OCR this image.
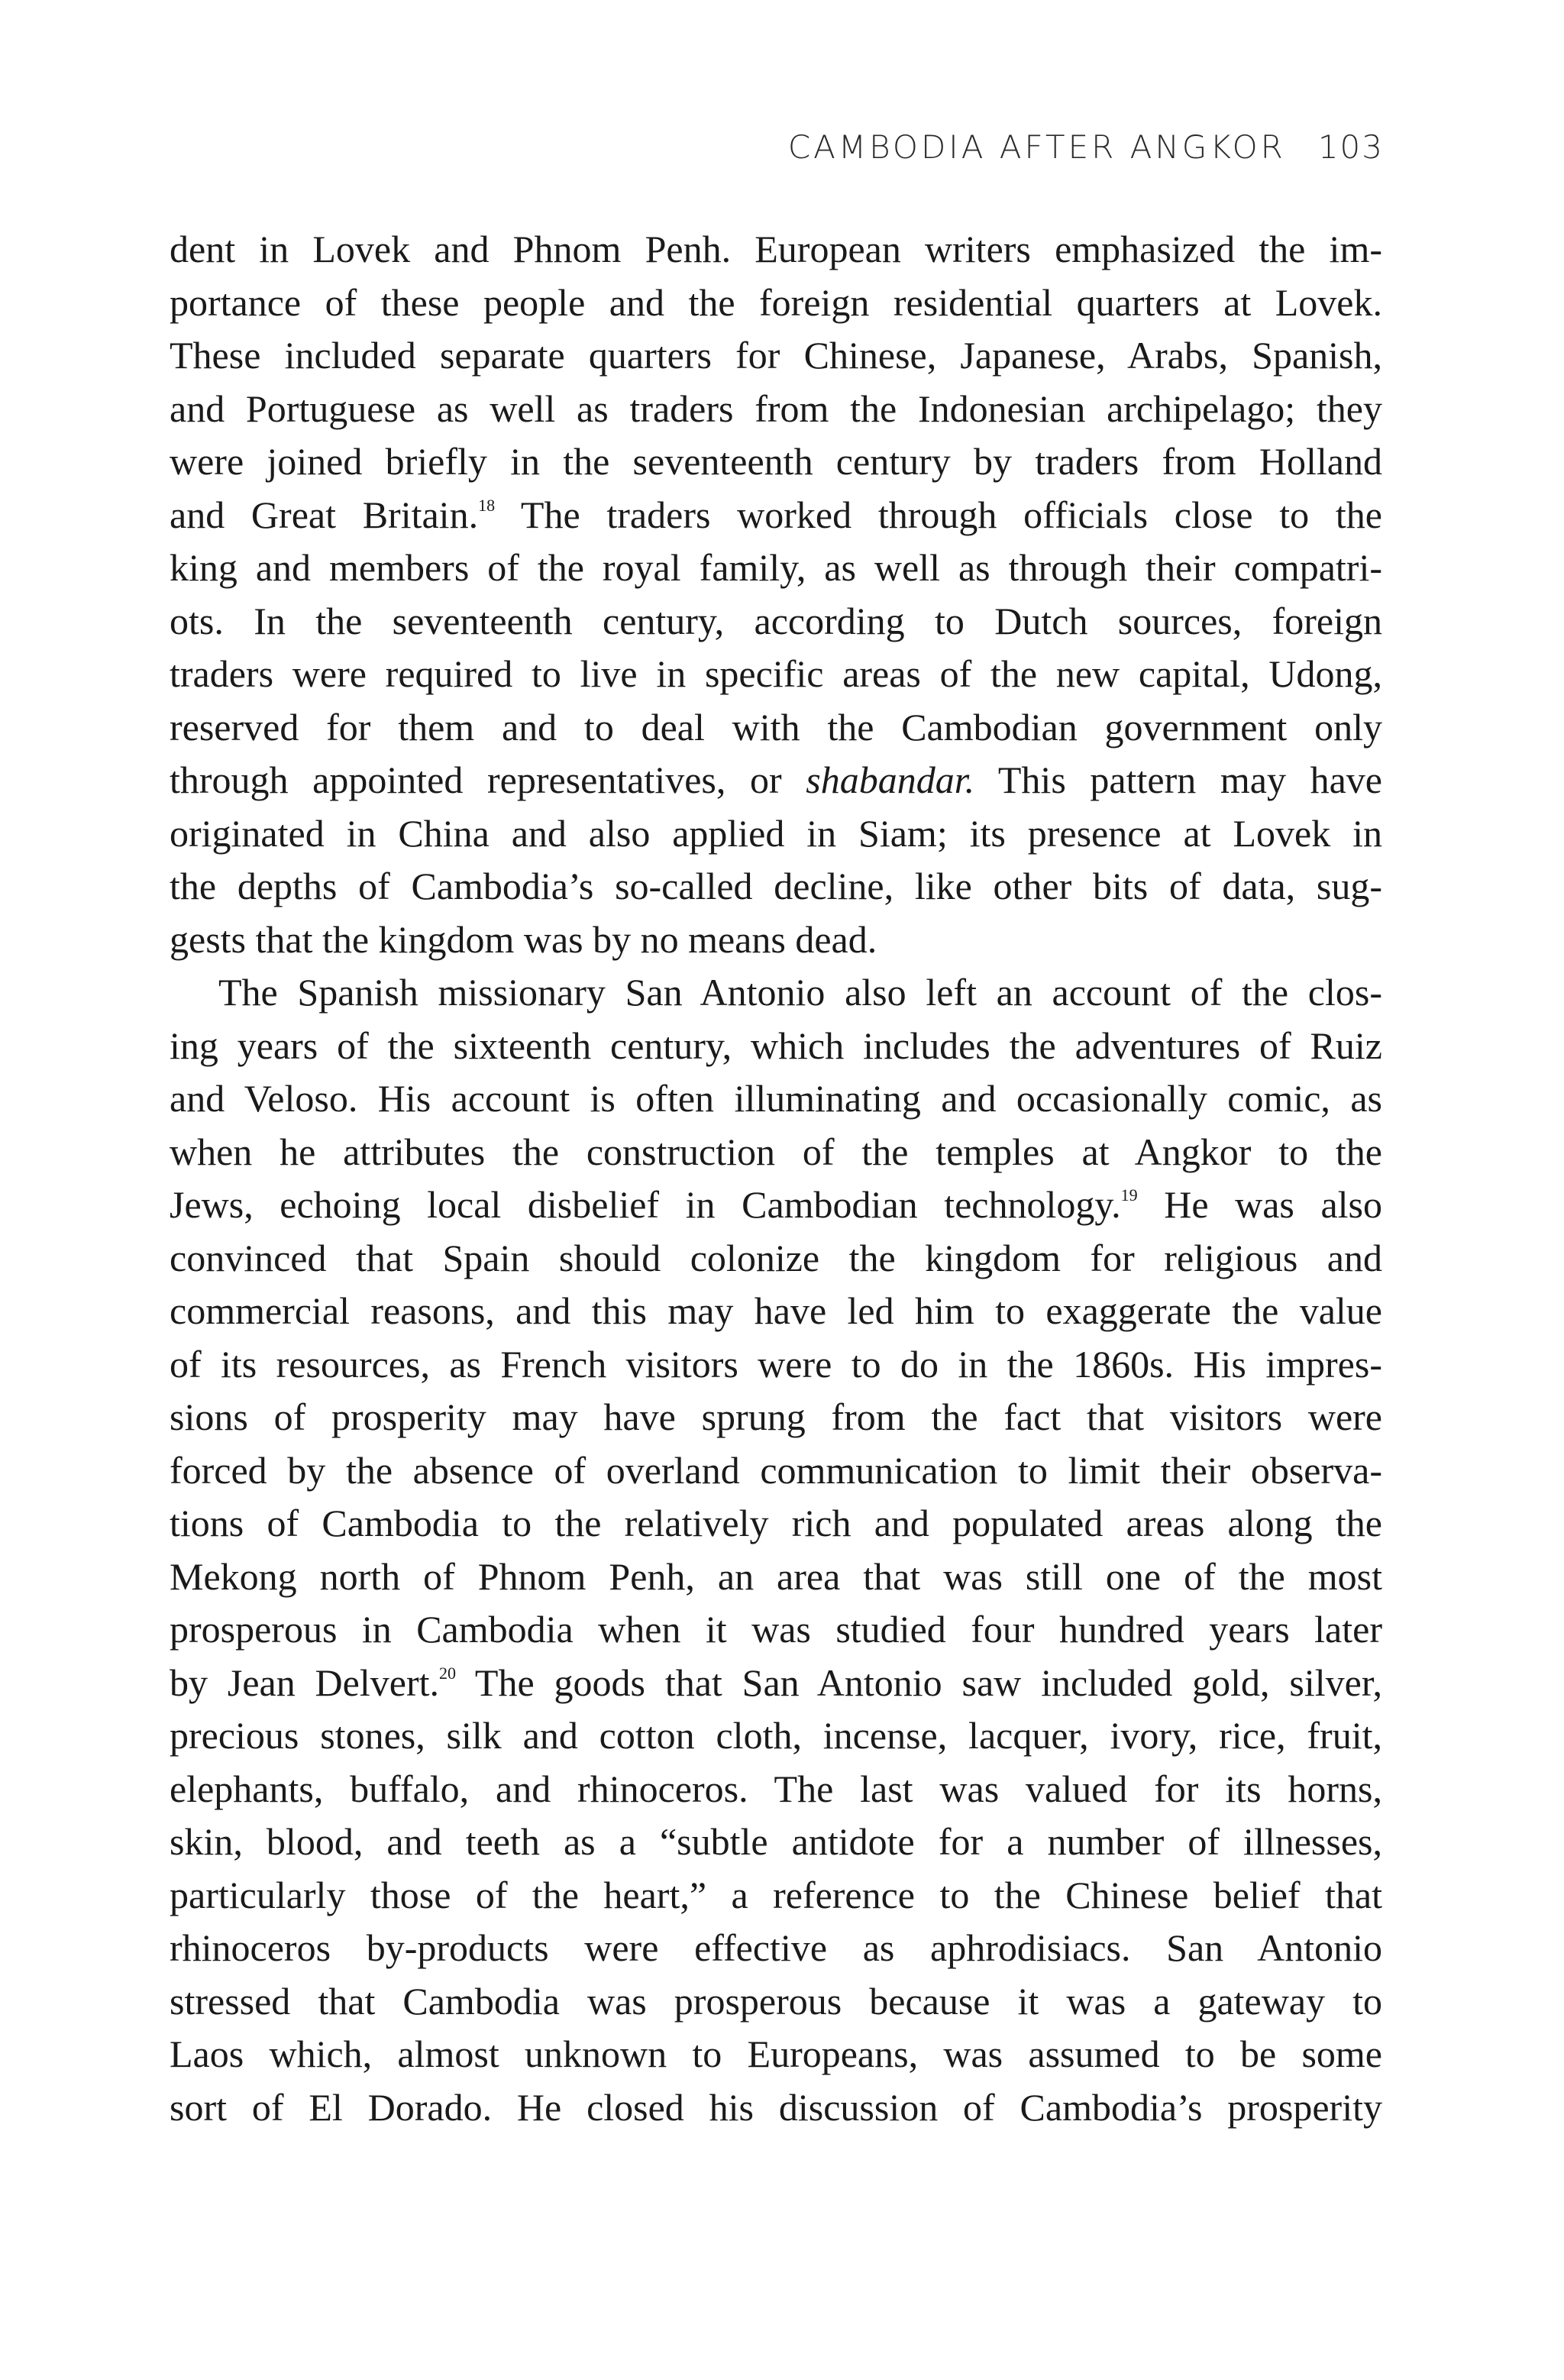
CAMBODIA AFTER ANGKOR 103
dent in Lovek and Phnom Penh. European writers emphasized the im-
portance of these people and the foreign residential quarters at Lovek.
These included separate quarters for Chinese, Japanese, Arabs, Spanish,
and Portuguese as well as traders from the Indonesian archipelago; they
were joined briefly in the seventeenth century by traders from Holland
and Great Britain.$^{18}$ The traders worked through officials close to the
king and members of the royal family, as well as through their compatri-
ots. In the seventeenth century, according to Dutch sources, foreign
traders were required to live in specific areas of the new capital, Udong,
reserved for them and to deal with the Cambodian government only
through appointed representatives, or shabandar. This pattern may have
originated in China and also applied in Siam; its presence at Lovek in
the depths of Cambodia’s so-called decline, like other bits of data, sug-
gests that the kingdom was by no means dead.
The Spanish missionary San Antonio also left an account of the clos-
ing years of the sixteenth century, which includes the adventures of Ruiz
and Veloso. His account is often illuminating and occasionally comic, as
when he attributes the construction of the temples at Angkor to the
Jews, echoing local disbelief in Cambodian technology.$^{19}$ He was also
convinced that Spain should colonize the kingdom for religious and
commercial reasons, and this may have led him to exaggerate the value
of its resources, as French visitors were to do in the 1860s. His impres-
sions of prosperity may have sprung from the fact that visitors were
forced by the absence of overland communication to limit their observa-
tions of Cambodia to the relatively rich and populated areas along the
Mekong north of Phnom Penh, an area that was still one of the most
prosperous in Cambodia when it was studied four hundred years later
by Jean Delvert.$^{20}$ The goods that San Antonio saw included gold, silver,
precious stones, silk and cotton cloth, incense, lacquer, ivory, rice, fruit,
elephants, buffalo, and rhinoceros. The last was valued for its horns,
skin, blood, and teeth as a “subtle antidote for a number of illnesses,
particularly those of the heart,” a reference to the Chinese belief that
rhinoceros by-products were effective as aphrodisiacs. San Antonio
stressed that Cambodia was prosperous because it was a gateway to
Laos which, almost unknown to Europeans, was assumed to be some
sort of El Dorado. He closed his discussion of Cambodia’s prosperity
